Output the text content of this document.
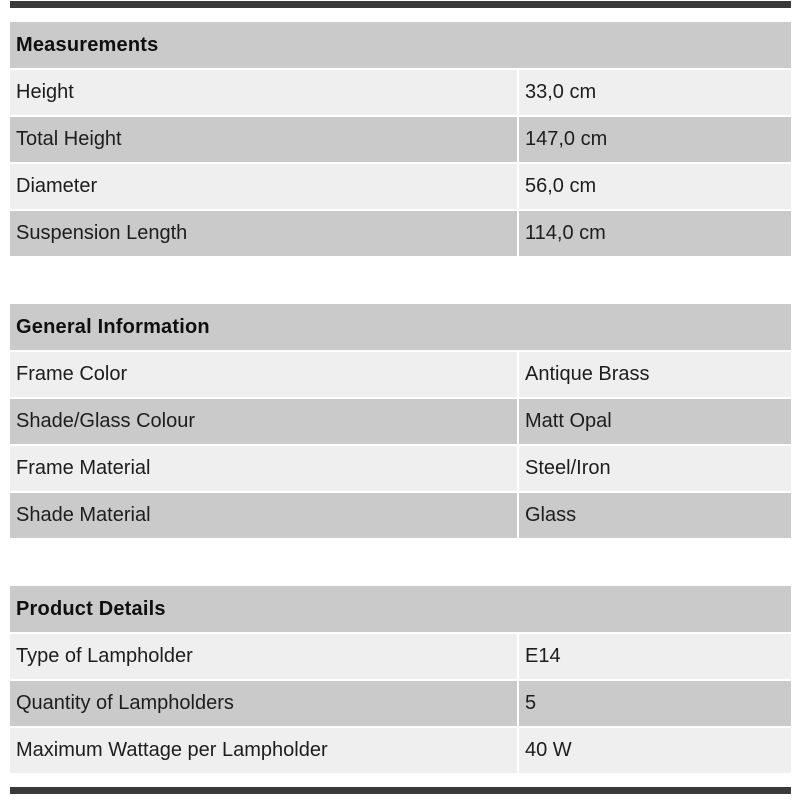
Measurements
Height	33,0 cm
Total Height	147,0 cm
Diameter	56,0 cm
Suspension Length	114,0 cm
General Information
Frame Color	Antique Brass
Shade/Glass Colour	Matt Opal
Frame Material	Steel/Iron
Shade Material	Glass
Product Details
Type of Lampholder	E14
Quantity of Lampholders	5
Maximum Wattage per Lampholder	40 W
